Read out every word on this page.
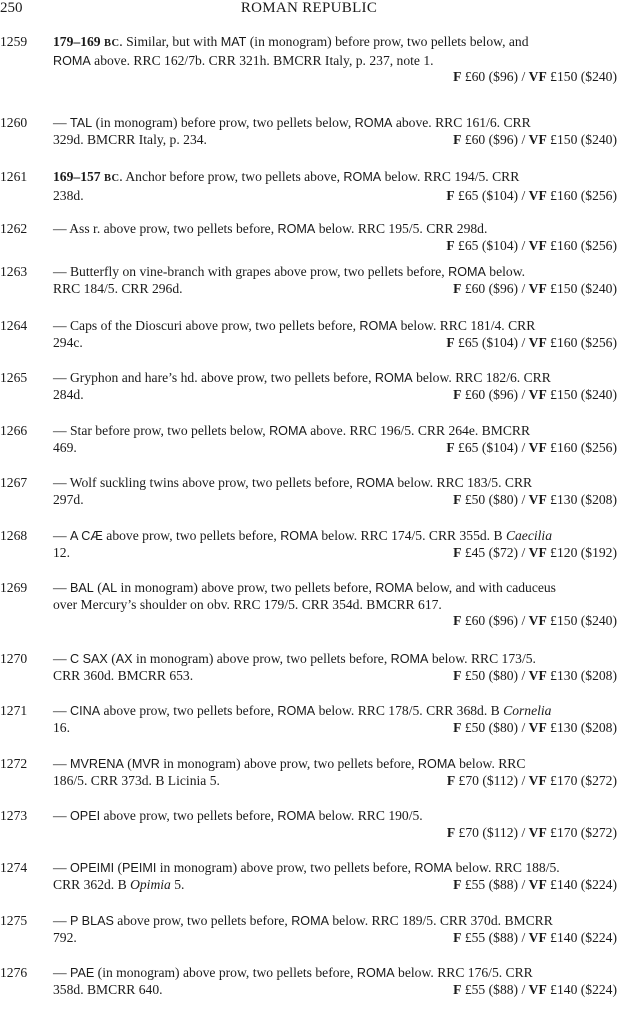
250	ROMAN REPUBLIC
1259 179–169 BC. Similar, but with MAT (in monogram) before prow, two pellets below, and
ROMA above. RRC 162/7b. CRR 321h. BMCRR Italy, p. 237, note 1.
F £60 ($96) / VF £150 ($240)
1260 — TAL (in monogram) before prow, two pellets below, ROMA above. RRC 161/6. CRR
329d. BMCRR Italy, p. 234.	F £60 ($96) / VF £150 ($240)
1261 169–157 BC. Anchor before prow, two pellets above, ROMA below. RRC 194/5. CRR
238d.	F £65 ($104) / VF £160 ($256)
1262 — Ass r. above prow, two pellets before, ROMA below. RRC 195/5. CRR 298d.
F £65 ($104) / VF £160 ($256)
1263 — Butterfly on vine-branch with grapes above prow, two pellets before, ROMA below.
RRC 184/5. CRR 296d.	F £60 ($96) / VF £150 ($240)
1264 — Caps of the Dioscuri above prow, two pellets before, ROMA below. RRC 181/4. CRR
294c.	F £65 ($104) / VF £160 ($256)
1265 — Gryphon and hare’s hd. above prow, two pellets before, ROMA below. RRC 182/6. CRR
284d.	F £60 ($96) / VF £150 ($240)
1266 — Star before prow, two pellets below, ROMA above. RRC 196/5. CRR 264e. BMCRR
469.	F £65 ($104) / VF £160 ($256)
1267 — Wolf suckling twins above prow, two pellets before, ROMA below. RRC 183/5. CRR
297d.	F £50 ($80) / VF £130 ($208)
1268 — A CÆ above prow, two pellets before, ROMA below. RRC 174/5. CRR 355d. B Caecilia
12.	F £45 ($72) / VF £120 ($192)
1269 — BAL (AL in monogram) above prow, two pellets before, ROMA below, and with caduceus
over Mercury’s shoulder on obv. RRC 179/5. CRR 354d. BMCRR 617.
F £60 ($96) / VF £150 ($240)
1270 — C SAX (AX in monogram) above prow, two pellets before, ROMA below. RRC 173/5.
CRR 360d. BMCRR 653.	F £50 ($80) / VF £130 ($208)
1271 — CINA above prow, two pellets before, ROMA below. RRC 178/5. CRR 368d. B Cornelia
16.	F £50 ($80) / VF £130 ($208)
1272 — MVRENA (MVR in monogram) above prow, two pellets before, ROMA below. RRC
186/5. CRR 373d. B Licinia 5.	F £70 ($112) / VF £170 ($272)
1273 — OPEI above prow, two pellets before, ROMA below. RRC 190/5.
F £70 ($112) / VF £170 ($272)
1274 — OPEIMI (PEIMI in monogram) above prow, two pellets before, ROMA below. RRC 188/5.
CRR 362d. B Opimia 5.	F £55 ($88) / VF £140 ($224)
1275 — P BLAS above prow, two pellets before, ROMA below. RRC 189/5. CRR 370d. BMCRR
792.	F £55 ($88) / VF £140 ($224)
1276 — PAE (in monogram) above prow, two pellets before, ROMA below. RRC 176/5. CRR
358d. BMCRR 640.	F £55 ($88) / VF £140 ($224)
